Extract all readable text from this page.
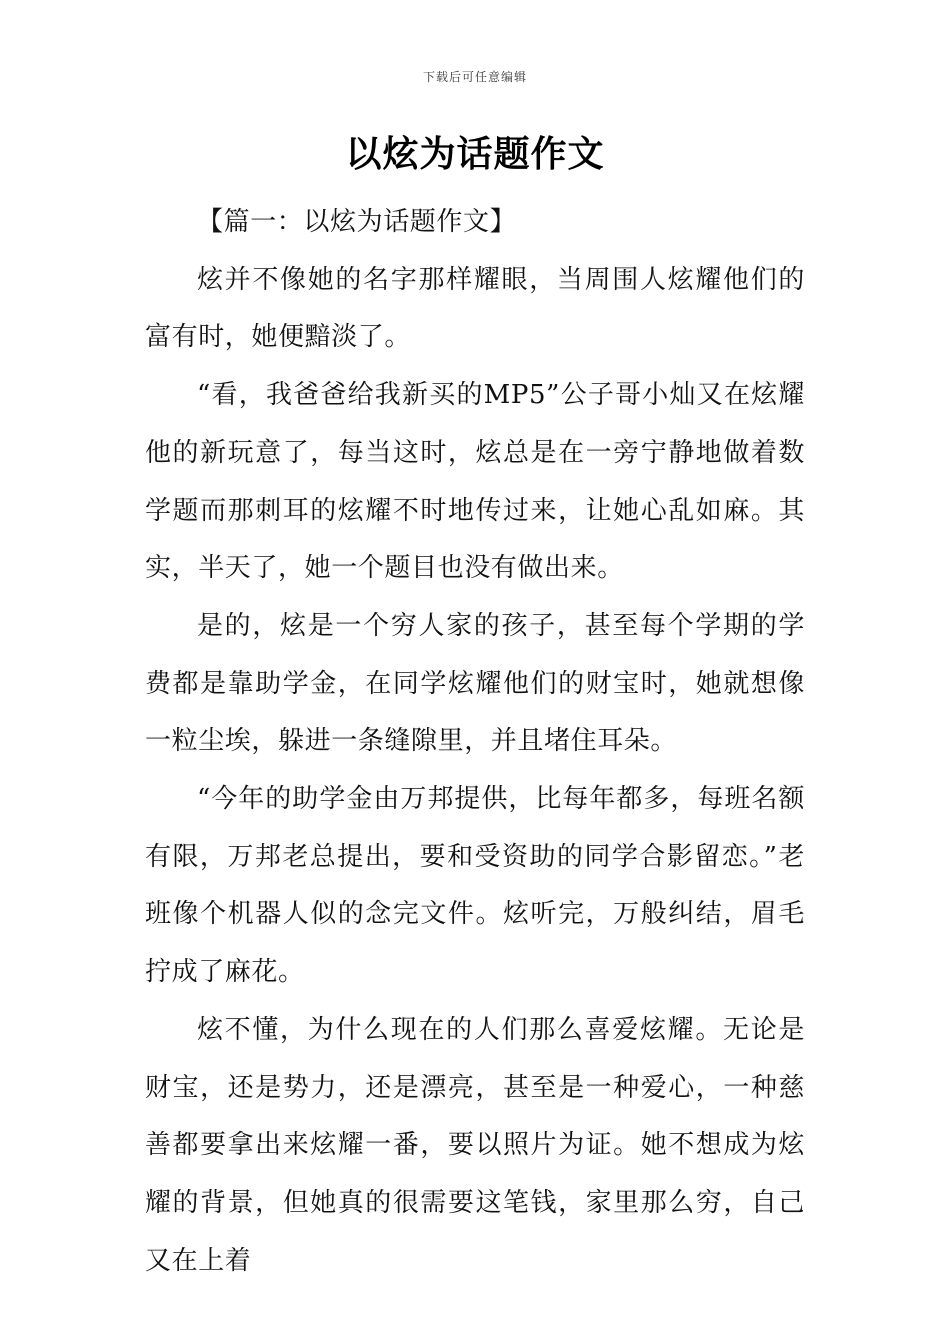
下载后可任意编辑
以炫为话题作文

【篇一：以炫为话题作文】

炫并不像她的名字那样耀眼，当周围人炫耀他们的富有时，她便黯淡了。

“看，我爸爸给我新买的MP5”公子哥小灿又在炫耀他的新玩意了，每当这时，炫总是在一旁宁静地做着数学题而那刺耳的炫耀不时地传过来，让她心乱如麻。其实，半天了，她一个题目也没有做出来。

是的，炫是一个穷人家的孩子，甚至每个学期的学费都是靠助学金，在同学炫耀他们的财宝时，她就想像一粒尘埃，躲进一条缝隙里，并且堵住耳朵。

“今年的助学金由万邦提供，比每年都多，每班名额有限，万邦老总提出，要和受资助的同学合影留恋。”老班像个机器人似的念完文件。炫听完，万般纠结，眉毛拧成了麻花。

炫不懂，为什么现在的人们那么喜爱炫耀。无论是财宝，还是势力，还是漂亮，甚至是一种爱心，一种慈善都要拿出来炫耀一番，要以照片为证。她不想成为炫耀的背景，但她真的很需要这笔钱，家里那么穷，自己又在上着
